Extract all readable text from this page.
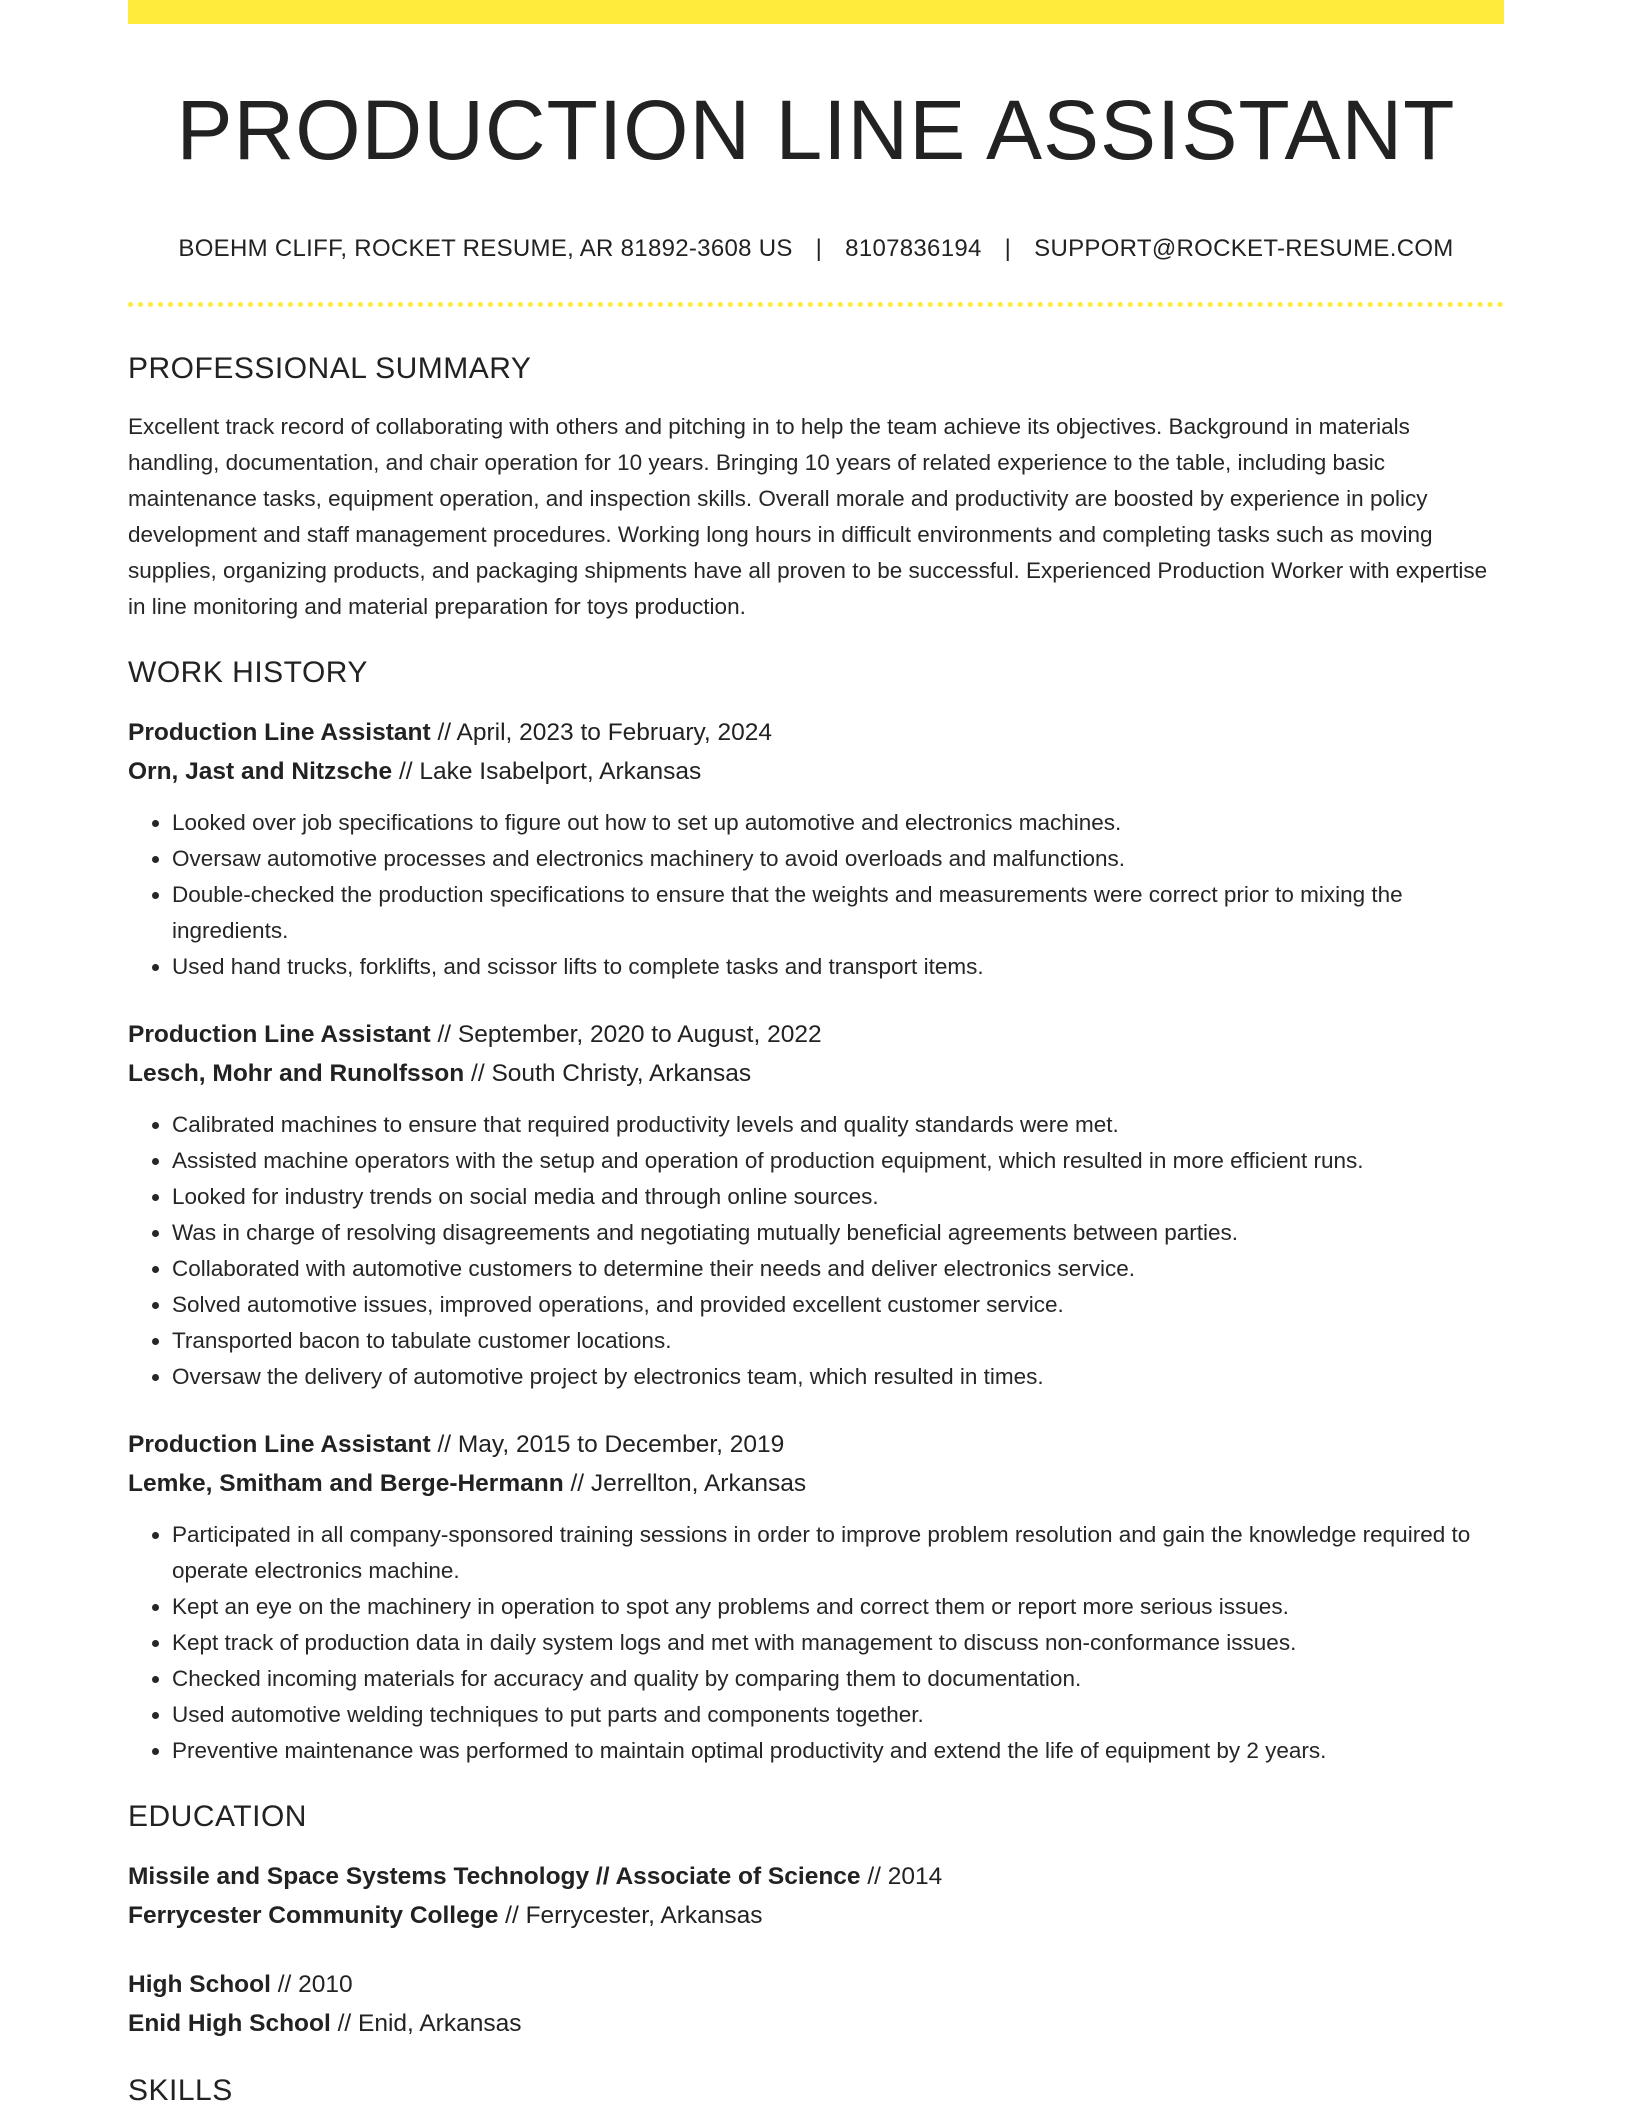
PRODUCTION LINE ASSISTANT
BOEHM CLIFF, ROCKET RESUME, AR 81892-3608 US | 8107836194 | SUPPORT@ROCKET-RESUME.COM
PROFESSIONAL SUMMARY
Excellent track record of collaborating with others and pitching in to help the team achieve its objectives. Background in materials handling, documentation, and chair operation for 10 years. Bringing 10 years of related experience to the table, including basic maintenance tasks, equipment operation, and inspection skills. Overall morale and productivity are boosted by experience in policy development and staff management procedures. Working long hours in difficult environments and completing tasks such as moving supplies, organizing products, and packaging shipments have all proven to be successful. Experienced Production Worker with expertise in line monitoring and material preparation for toys production.
WORK HISTORY
Production Line Assistant // April, 2023 to February, 2024
Orn, Jast and Nitzsche // Lake Isabelport, Arkansas
• Looked over job specifications to figure out how to set up automotive and electronics machines.
• Oversaw automotive processes and electronics machinery to avoid overloads and malfunctions.
• Double-checked the production specifications to ensure that the weights and measurements were correct prior to mixing the ingredients.
• Used hand trucks, forklifts, and scissor lifts to complete tasks and transport items.
Production Line Assistant // September, 2020 to August, 2022
Lesch, Mohr and Runolfsson // South Christy, Arkansas
• Calibrated machines to ensure that required productivity levels and quality standards were met.
• Assisted machine operators with the setup and operation of production equipment, which resulted in more efficient runs.
• Looked for industry trends on social media and through online sources.
• Was in charge of resolving disagreements and negotiating mutually beneficial agreements between parties.
• Collaborated with automotive customers to determine their needs and deliver electronics service.
• Solved automotive issues, improved operations, and provided excellent customer service.
• Transported bacon to tabulate customer locations.
• Oversaw the delivery of automotive project by electronics team, which resulted in times.
Production Line Assistant // May, 2015 to December, 2019
Lemke, Smitham and Berge-Hermann // Jerrellton, Arkansas
• Participated in all company-sponsored training sessions in order to improve problem resolution and gain the knowledge required to operate electronics machine.
• Kept an eye on the machinery in operation to spot any problems and correct them or report more serious issues.
• Kept track of production data in daily system logs and met with management to discuss non-conformance issues.
• Checked incoming materials for accuracy and quality by comparing them to documentation.
• Used automotive welding techniques to put parts and components together.
• Preventive maintenance was performed to maintain optimal productivity and extend the life of equipment by 2 years.
EDUCATION
Missile and Space Systems Technology // Associate of Science // 2014
Ferrycester Community College // Ferrycester, Arkansas
High School // 2010
Enid High School // Enid, Arkansas
SKILLS
